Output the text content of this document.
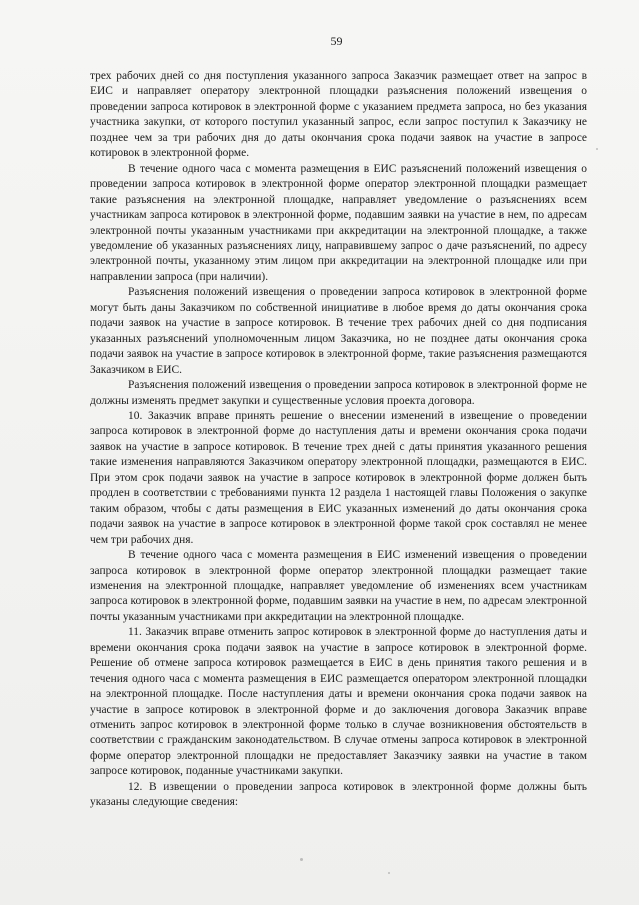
59

трех рабочих дней со дня поступления указанного запроса Заказчик размещает ответ на запрос в ЕИС и направляет оператору электронной площадки разъяснения положений извещения о проведении запроса котировок в электронной форме с указанием предмета запроса, но без указания участника закупки, от которого поступил указанный запрос, если запрос поступил к Заказчику не позднее чем за три рабочих дня до даты окончания срока подачи заявок на участие в запросе котировок в электронной форме.

В течение одного часа с момента размещения в ЕИС разъяснений положений извещения о проведении запроса котировок в электронной форме оператор электронной площадки размещает такие разъяснения на электронной площадке, направляет уведомление о разъяснениях всем участникам запроса котировок в электронной форме, подавшим заявки на участие в нем, по адресам электронной почты указанным участниками при аккредитации на электронной площадке, а также уведомление об указанных разъяснениях лицу, направившему запрос о даче разъяснений, по адресу электронной почты, указанному этим лицом при аккредитации на электронной площадке или при направлении запроса (при наличии).

Разъяснения положений извещения о проведении запроса котировок в электронной форме могут быть даны Заказчиком по собственной инициативе в любое время до даты окончания срока подачи заявок на участие в запросе котировок. В течение трех рабочих дней со дня подписания указанных разъяснений уполномоченным лицом Заказчика, но не позднее даты окончания срока подачи заявок на участие в запросе котировок в электронной форме, такие разъяснения размещаются Заказчиком в ЕИС.

Разъяснения положений извещения о проведении запроса котировок в электронной форме не должны изменять предмет закупки и существенные условия проекта договора.

10. Заказчик вправе принять решение о внесении изменений в извещение о проведении запроса котировок в электронной форме до наступления даты и времени окончания срока подачи заявок на участие в запросе котировок. В течение трех дней с даты принятия указанного решения такие изменения направляются Заказчиком оператору электронной площадки, размещаются в ЕИС. При этом срок подачи заявок на участие в запросе котировок в электронной форме должен быть продлен в соответствии с требованиями пункта 12 раздела 1 настоящей главы Положения о закупке таким образом, чтобы с даты размещения в ЕИС указанных изменений до даты окончания срока подачи заявок на участие в запросе котировок в электронной форме такой срок составлял не менее чем три рабочих дня.

В течение одного часа с момента размещения в ЕИС изменений извещения о проведении запроса котировок в электронной форме оператор электронной площадки размещает такие изменения на электронной площадке, направляет уведомление об изменениях всем участникам запроса котировок в электронной форме, подавшим заявки на участие в нем, по адресам электронной почты указанным участниками при аккредитации на электронной площадке.

11. Заказчик вправе отменить запрос котировок в электронной форме до наступления даты и времени окончания срока подачи заявок на участие в запросе котировок в электронной форме. Решение об отмене запроса котировок размещается в ЕИС в день принятия такого решения и в течения одного часа с момента размещения в ЕИС размещается оператором электронной площадки на электронной площадке. После наступления даты и времени окончания срока подачи заявок на участие в запросе котировок в электронной форме и до заключения договора Заказчик вправе отменить запрос котировок в электронной форме только в случае возникновения обстоятельств в соответствии с гражданским законодательством. В случае отмены запроса котировок в электронной форме оператор электронной площадки не предоставляет Заказчику заявки на участие в таком запросе котировок, поданные участниками закупки.

12. В извещении о проведении запроса котировок в электронной форме должны быть указаны следующие сведения:
